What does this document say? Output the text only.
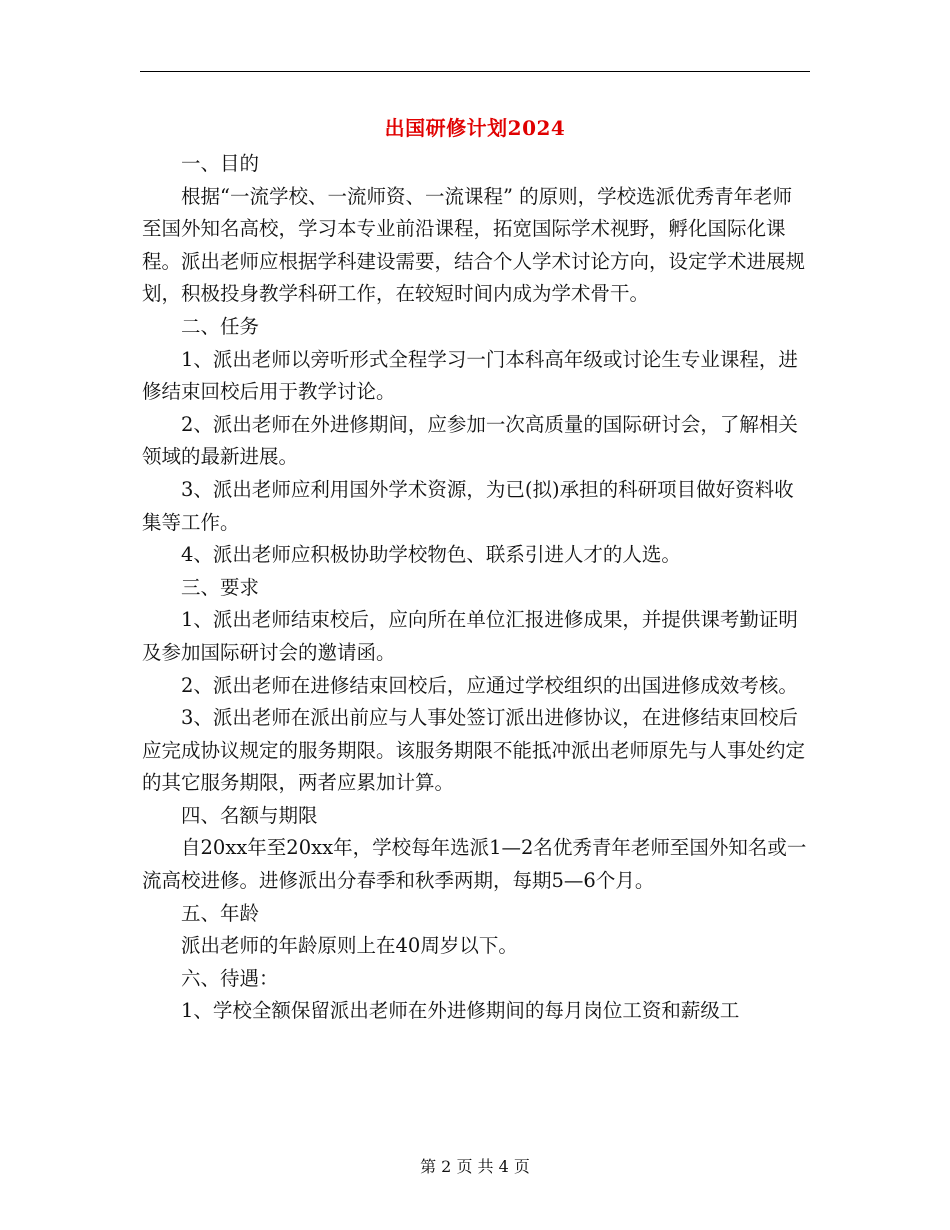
出国研修计划2024

一、目的

根据“一流学校、一流师资、一流课程” 的原则，学校选派优秀青年老师至国外知名高校，学习本专业前沿课程，拓宽国际学术视野，孵化国际化课程。派出老师应根据学科建设需要，结合个人学术讨论方向，设定学术进展规划，积极投身教学科研工作，在较短时间内成为学术骨干。

二、任务

1、派出老师以旁听形式全程学习一门本科高年级或讨论生专业课程，进修结束回校后用于教学讨论。

2、派出老师在外进修期间，应参加一次高质量的国际研讨会，了解相关领域的最新进展。

3、派出老师应利用国外学术资源，为已(拟)承担的科研项目做好资料收集等工作。

4、派出老师应积极协助学校物色、联系引进人才的人选。

三、要求

1、派出老师结束校后，应向所在单位汇报进修成果，并提供课考勤证明及参加国际研讨会的邀请函。

2、派出老师在进修结束回校后，应通过学校组织的出国进修成效考核。

3、派出老师在派出前应与人事处签订派出进修协议，在进修结束回校后应完成协议规定的服务期限。该服务期限不能抵冲派出老师原先与人事处约定的其它服务期限，两者应累加计算。

四、名额与期限

自20xx年至20xx年，学校每年选派1—2名优秀青年老师至国外知名或一流高校进修。进修派出分春季和秋季两期，每期5—6个月。

五、年龄

派出老师的年龄原则上在40周岁以下。

六、待遇：

1、学校全额保留派出老师在外进修期间的每月岗位工资和薪级工

第 2 页 共 4 页
